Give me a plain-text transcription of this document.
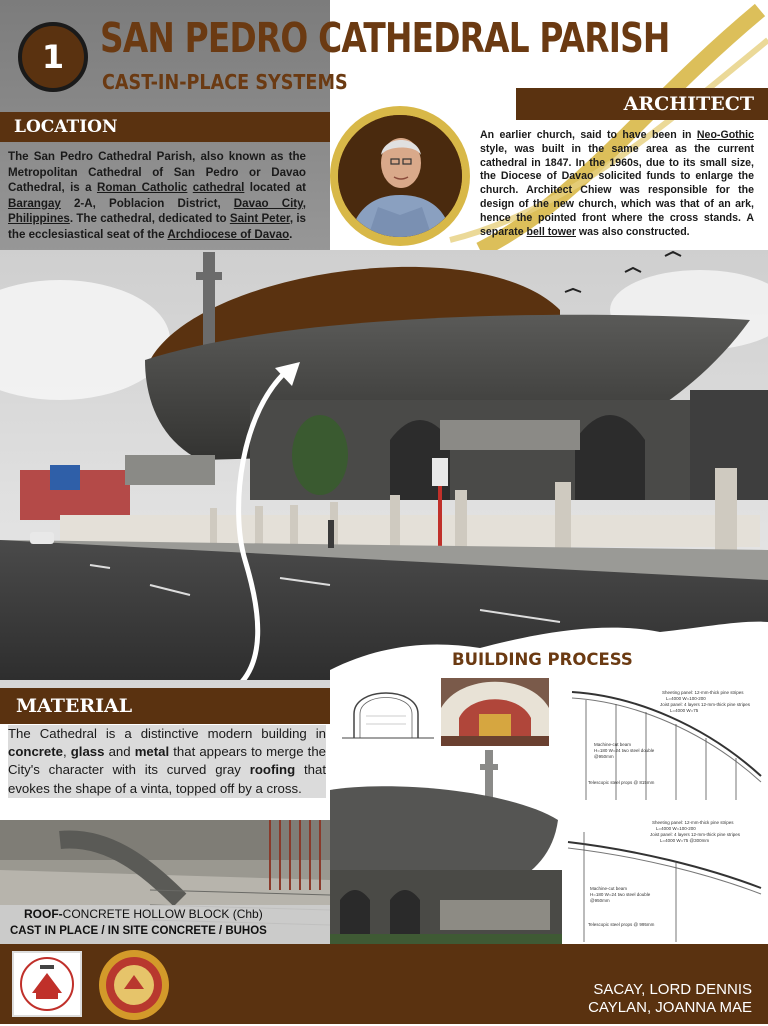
1 SAN PEDRO CATHEDRAL PARISH
CAST-IN-PLACE SYSTEMS
ARCHITECT
LOCATION
The San Pedro Cathedral Parish, also known as the Metropolitan Cathedral of San Pedro or Davao Cathedral, is a Roman Catholic cathedral located at Barangay 2-A, Poblacion District, Davao City, Philippines. The cathedral, dedicated to Saint Peter, is the ecclesiastical seat of the Archdiocese of Davao.
An earlier church, said to have been in Neo-Gothic style, was built in the same area as the current cathedral in 1847. In the 1960s, due to its small size, the Diocese of Davao solicited funds to enlarge the church. Architect Chiew was responsible for the design of the new church, which was that of an ark, hence the pointed front where the cross stands. A separate bell tower was also constructed.
MATERIAL
The Cathedral is a distinctive modern building in concrete, glass and metal that appears to merge the City's character with its curved gray roofing that evokes the shape of a vinta, topped off by a cross.
ROOF-CONCRETE HOLLOW BLOCK (Chb)
CAST IN PLACE / IN SITE CONCRETE / BUHOS
BUILDING PROCESS
Sheeting panel: 12-mm-thick pine stripes
L=4000 W=100-200
Joist panel: 4 layers 12-mm-thick pine stripes
L=4000 W=75
Machine-cut beam
H=180 W=24 two steel double
@950mm
Telescopic steel props @ 815mm
Sheeting panel: 12-mm-thick pine stripes
L=4000 W=100-200
Joist panel: 4 layers 12-mm-thick pine stripes
L=4000 W=75 @300mm
Machine-cut beam
H=180 W=24 two steel double
@950mm
Telescopic steel props @ 995mm
SACAY, LORD DENNIS
CAYLAN, JOANNA MAE
